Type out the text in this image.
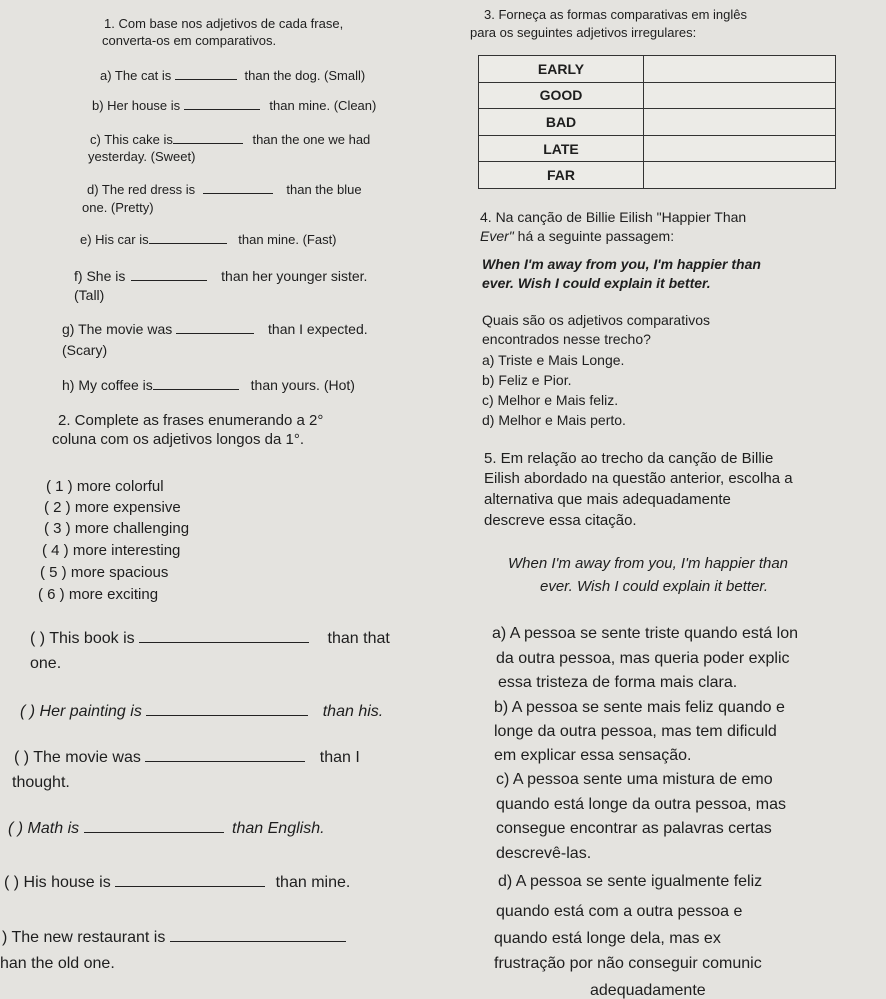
1. Com base nos adjetivos de cada frase,
converta-os em comparativos.
a) The cat is	than the dog. (Small)
b) Her house is	than mine. (Clean)
c) This cake is	than the one we had
yesterday. (Sweet)
d) The red dress is	than the blue
one. (Pretty)
e) His car is	than mine. (Fast)
f) She is	than her younger sister.
(Tall)
g) The movie was	than I expected.
(Scary)
h) My coffee is	than yours. (Hot)
2. Complete as frases enumerando a 2°
coluna com os adjetivos longos da 1°.
( 1 ) more colorful
( 2 ) more expensive
( 3 ) more challenging
( 4 ) more interesting
( 5 ) more spacious
( 6 ) more exciting
( ) This book is	than that
one.
( ) Her painting is	than his.
( ) The movie was	than I
thought.
( ) Math is	than English.
( ) His house is	than mine.
) The new restaurant is
han the old one.
3. Forneça as formas comparativas em inglês
para os seguintes adjetivos irregulares:
EARLY	
GOOD	
BAD	
LATE	
FAR	
4. Na canção de Billie Eilish "Happier Than
Ever" há a seguinte passagem:
When I'm away from you, I'm happier than
ever. Wish I could explain it better.
Quais são os adjetivos comparativos
encontrados nesse trecho?
a) Triste e Mais Longe.
b) Feliz e Pior.
c) Melhor e Mais feliz.
d) Melhor e Mais perto.
5. Em relação ao trecho da canção de Billie
Eilish abordado na questão anterior, escolha a
alternativa que mais adequadamente
descreve essa citação.
When I'm away from you, I'm happier than
ever. Wish I could explain it better.
a) A pessoa se sente triste quando está lon
da outra pessoa, mas queria poder explic
essa tristeza de forma mais clara.
b) A pessoa se sente mais feliz quando e
longe da outra pessoa, mas tem dificuld
em explicar essa sensação.
c) A pessoa sente uma mistura de emo
quando está longe da outra pessoa, mas
consegue encontrar as palavras certas
descrevê-las.
d) A pessoa se sente igualmente feliz
quando está com a outra pessoa e
quando está longe dela, mas ex
frustração por não conseguir comunic
adequadamente
